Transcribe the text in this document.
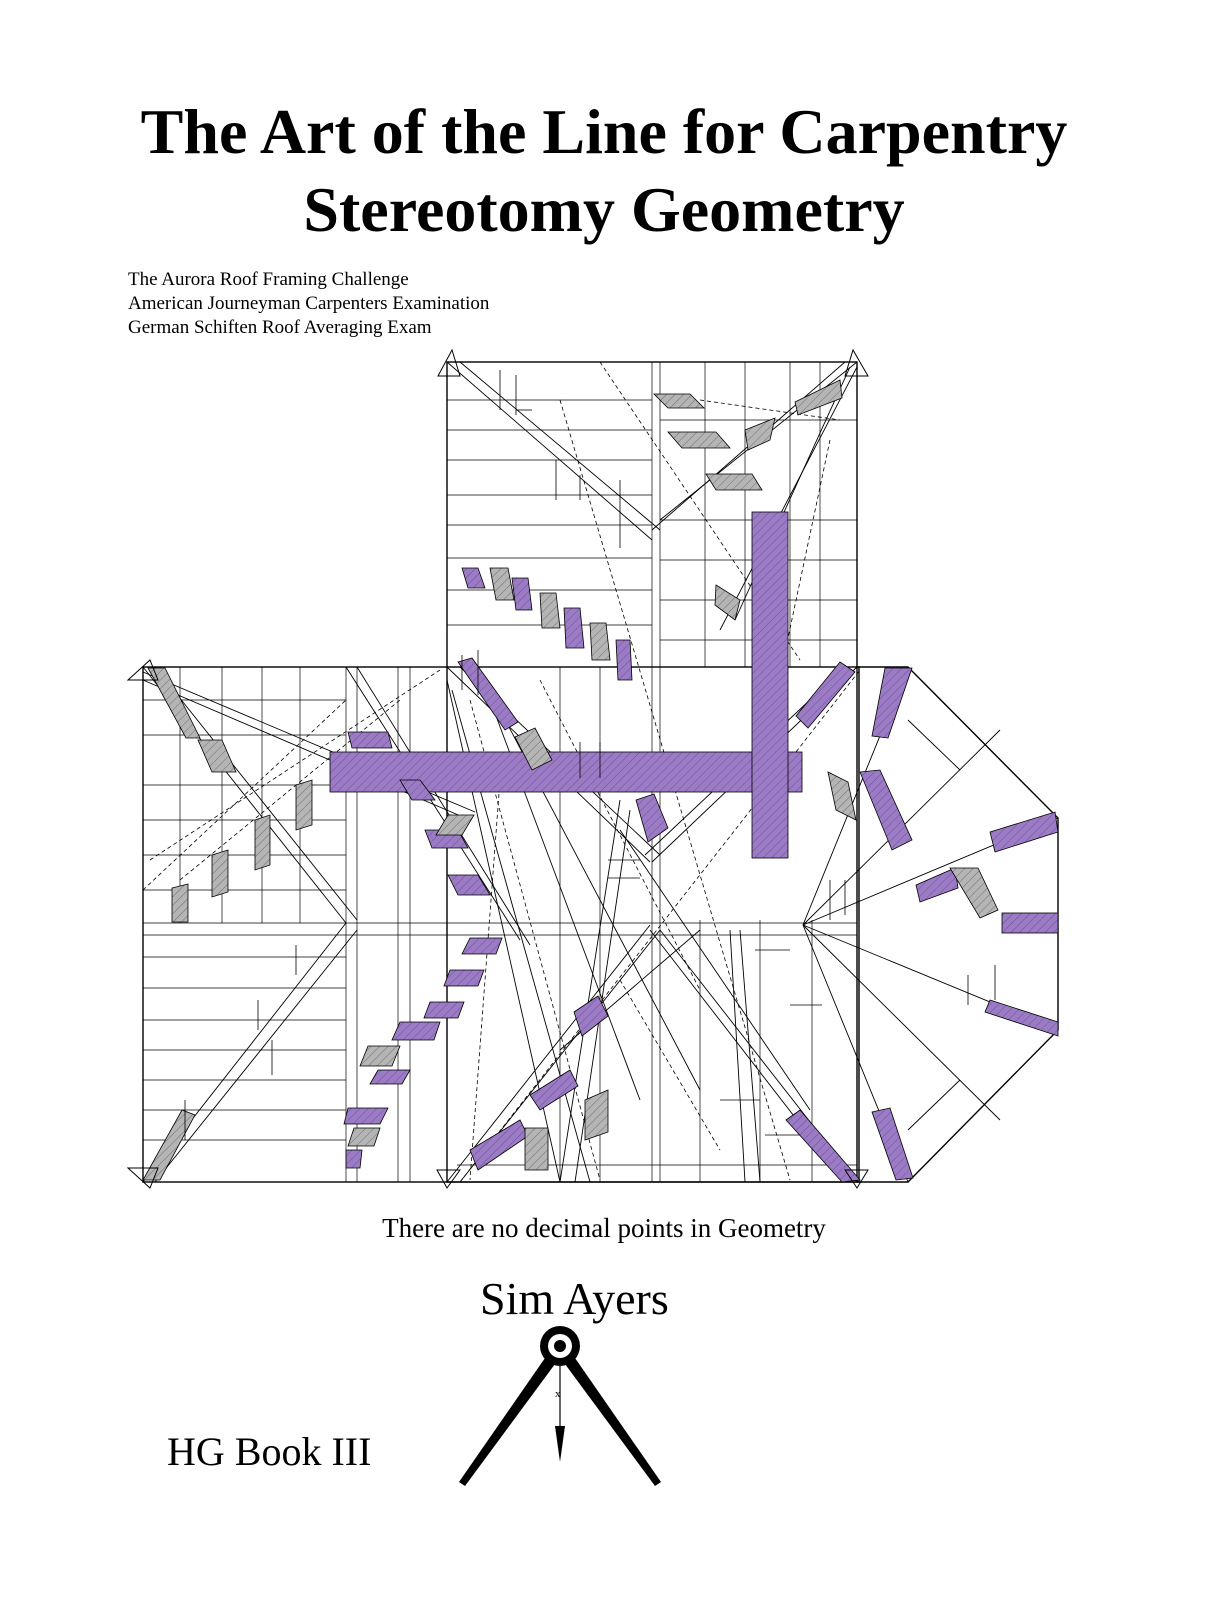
The Art of the Line for Carpentry
Stereotomy Geometry
The Aurora Roof Framing Challenge
American Journeyman Carpenters Examination
German Schiften Roof Averaging Exam
There are no decimal points in Geometry
Sim Ayers
HG Book III
x
